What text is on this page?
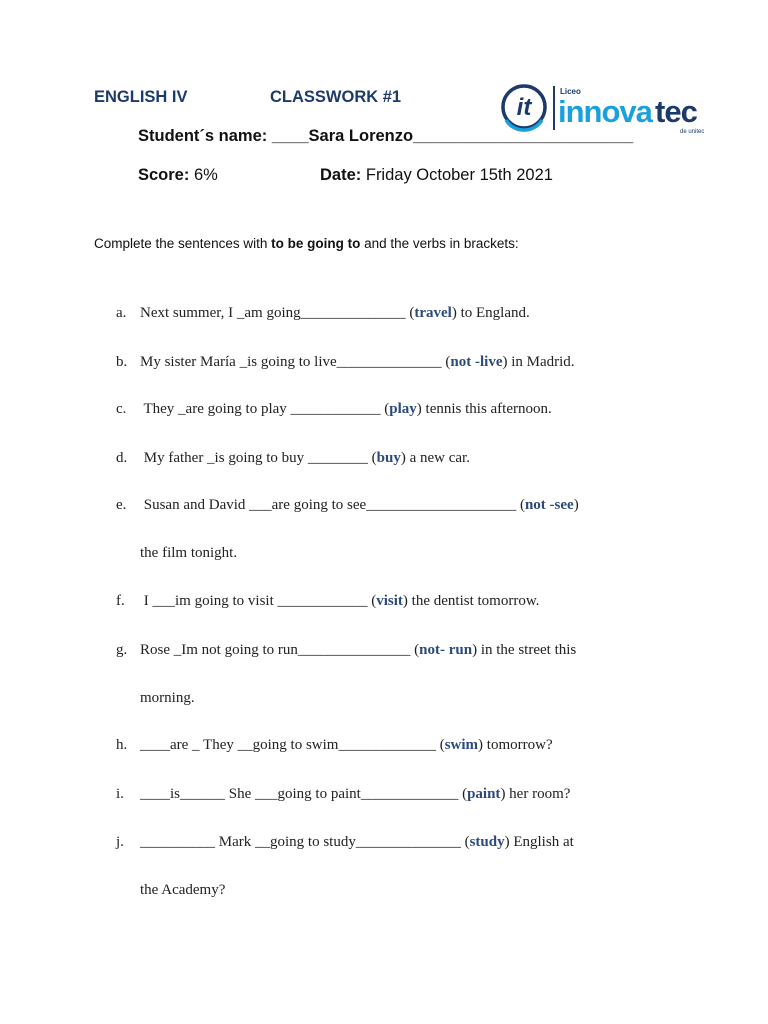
ENGLISH IV	CLASSWORK #1	it
Liceo
innova tec
de unitec
Student´s name: ____Sara Lorenzo________________________
Score: 6%	Date: Friday October 15th 2021
Complete the sentences with to be going to and the verbs in brackets:
a. Next summer, I _am going______________ (travel) to England.
b. My sister María _is going to live______________ (not -live) in Madrid.
c. They _are going to play ____________ (play) tennis this afternoon.
d. My father _is going to buy ________ (buy) a new car.
e. Susan and David ___are going to see____________________ (not -see)
the film tonight.
f. I ___im going to visit ____________ (visit) the dentist tomorrow.
g. Rose _Im not going to run_______________ (not- run) in the street this
morning.
h. ____are _ They __going to swim_____________ (swim) tomorrow?
i. ____is______ She ___going to paint_____________ (paint) her room?
j. __________ Mark __going to study______________ (study) English at
the Academy?
